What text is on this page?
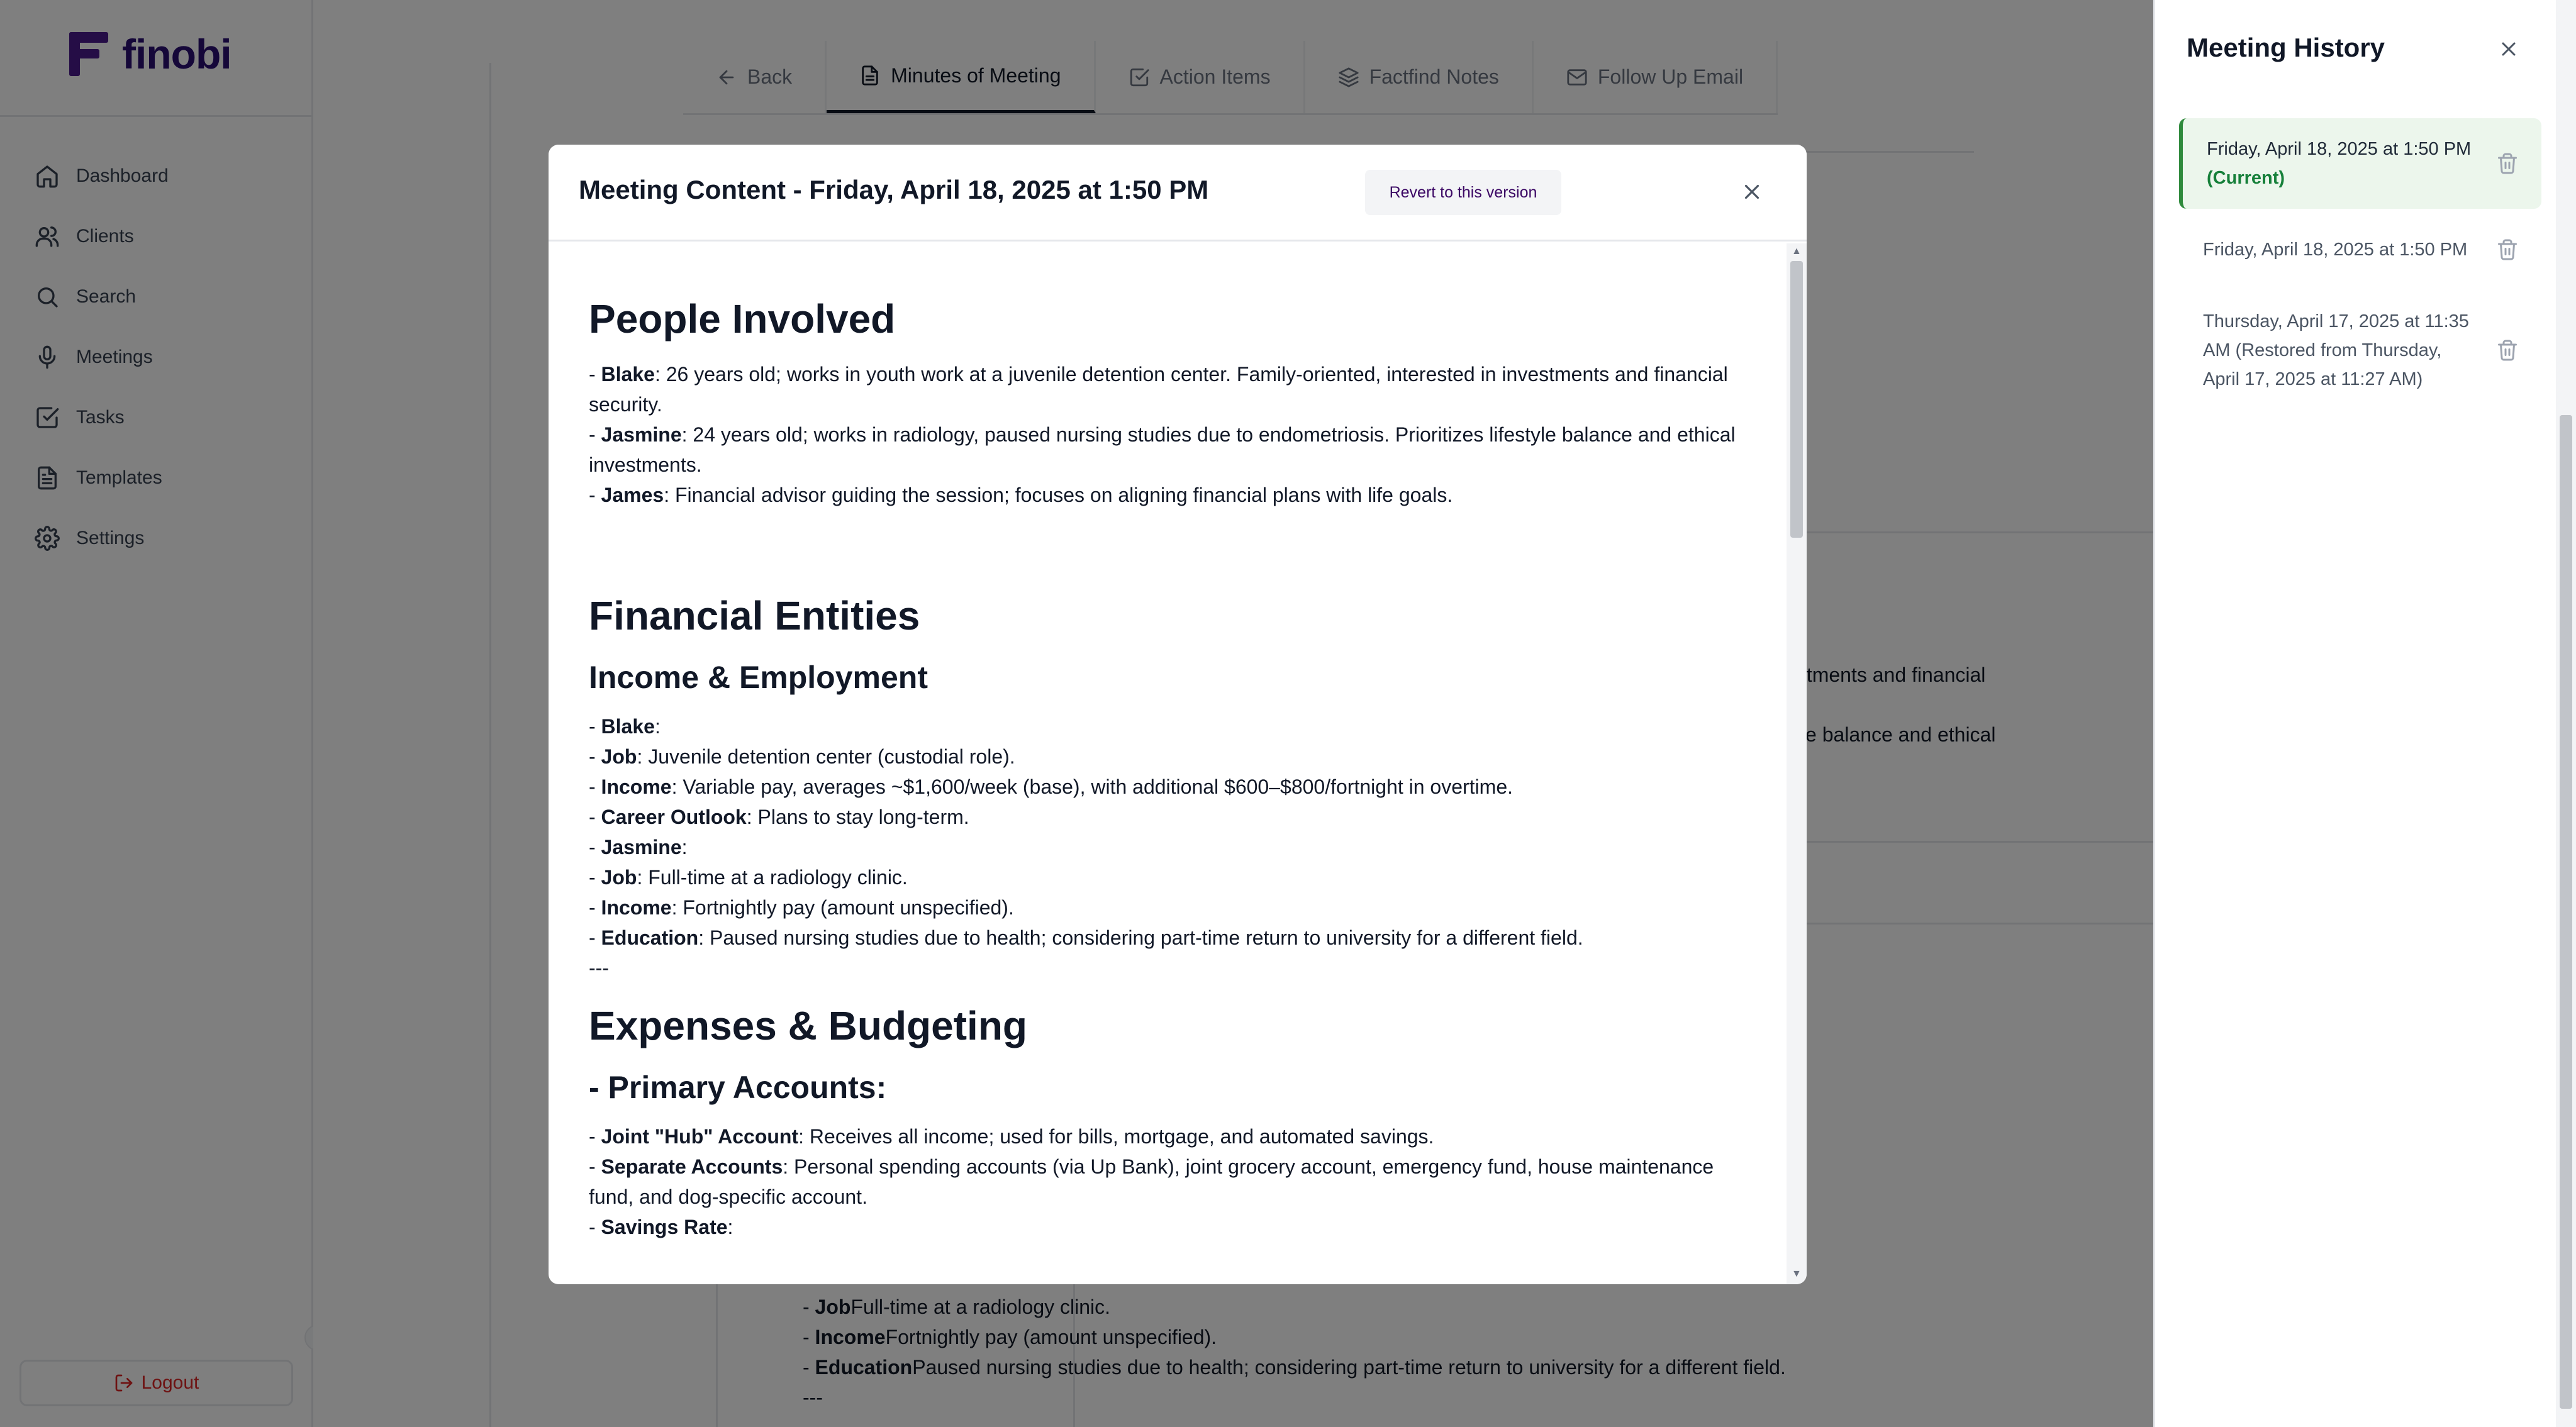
Meeting Content - Friday, April 18, 2025 at 1:50 PM	Revert to this version
People Involved
- Blake: 26 years old; works in youth work at a juvenile detention center. Family-oriented, interested in investments and financial security.
- Jasmine: 24 years old; works in radiology, paused nursing studies due to endometriosis. Prioritizes lifestyle balance and ethical investments.
- James: Financial advisor guiding the session; focuses on aligning financial plans with life goals.
Financial Entities
Income & Employment
- Blake:
- Job: Juvenile detention center (custodial role).
- Income: Variable pay, averages ~$1,600/week (base), with additional $600–$800/fortnight in overtime.
- Career Outlook: Plans to stay long-term.
- Jasmine:
- Job: Full-time at a radiology clinic.
- Income: Fortnightly pay (amount unspecified).
- Education: Paused nursing studies due to health; considering part-time return to university for a different field.
---
Expenses & Budgeting
- Primary Accounts:
- Joint "Hub" Account: Receives all income; used for bills, mortgage, and automated savings.
- Separate Accounts: Personal spending accounts (via Up Bank), joint grocery account, emergency fund, house maintenance fund, and dog-specific account.
- Savings Rate:
▲
▼
Meeting History
Friday, April 18, 2025 at 1:50 PM (Current)
Friday, April 18, 2025 at 1:50 PM
Thursday, April 17, 2025 at 11:35 AM (Restored from Thursday, April 17, 2025 at 11:27 AM)
